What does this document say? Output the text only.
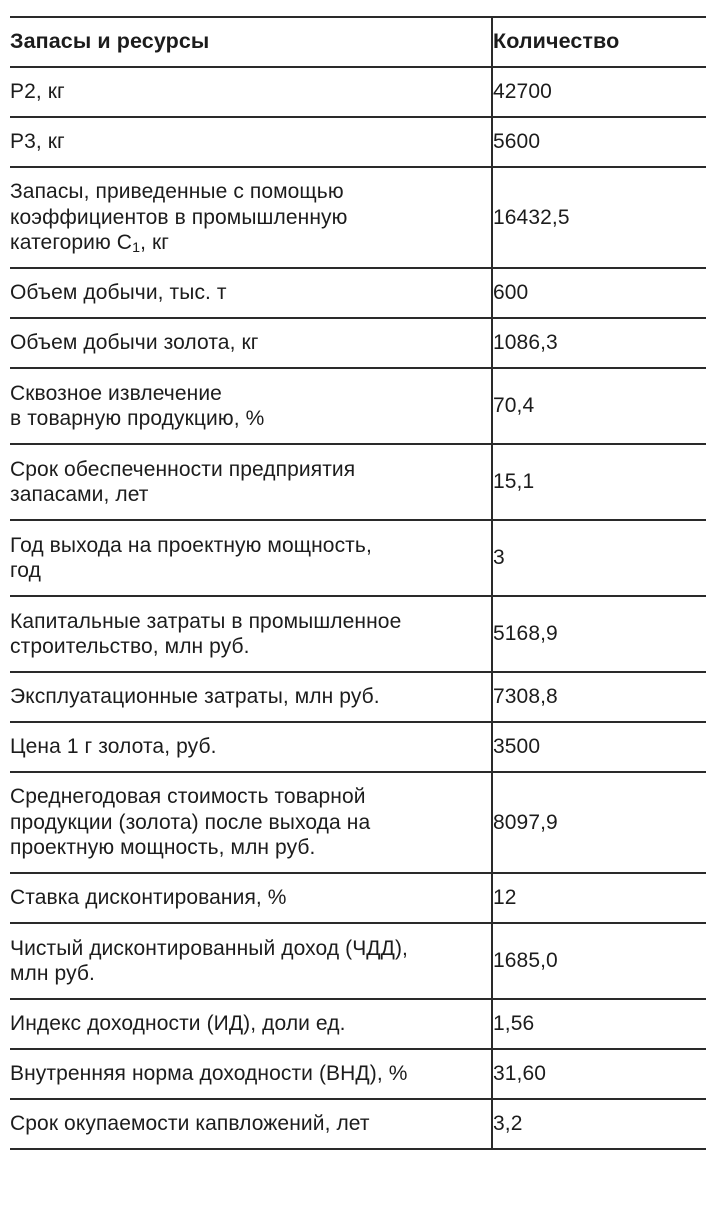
Запасы и ресурсы	Количество

Р2, кг	42700

Р3, кг	5600

Запасы, приведенные с помощью
коэффициентов в промышленную
категорию $С_1$, кг	16432,5

Объем добычи, тыс. т	600

Объем добычи золота, кг	1086,3

Сквозное извлечение
в товарную продукцию, %	70,4

Срок обеспеченности предприятия
запасами, лет	15,1

Год выхода на проектную мощность,
год	3

Капитальные затраты в промышленное
строительство, млн руб.	5168,9

Эксплуатационные затраты, млн руб.	7308,8

Цена 1 г золота, руб.	3500

Среднегодовая стоимость товарной
продукции (золота) после выхода на
проектную мощность, млн руб.	8097,9

Ставка дисконтирования, %	12

Чистый дисконтированный доход (ЧДД),
млн руб.	1685,0

Индекс доходности (ИД), доли ед.	1,56

Внутренняя норма доходности (ВНД), %	31,60

Срок окупаемости капвложений, лет	3,2
